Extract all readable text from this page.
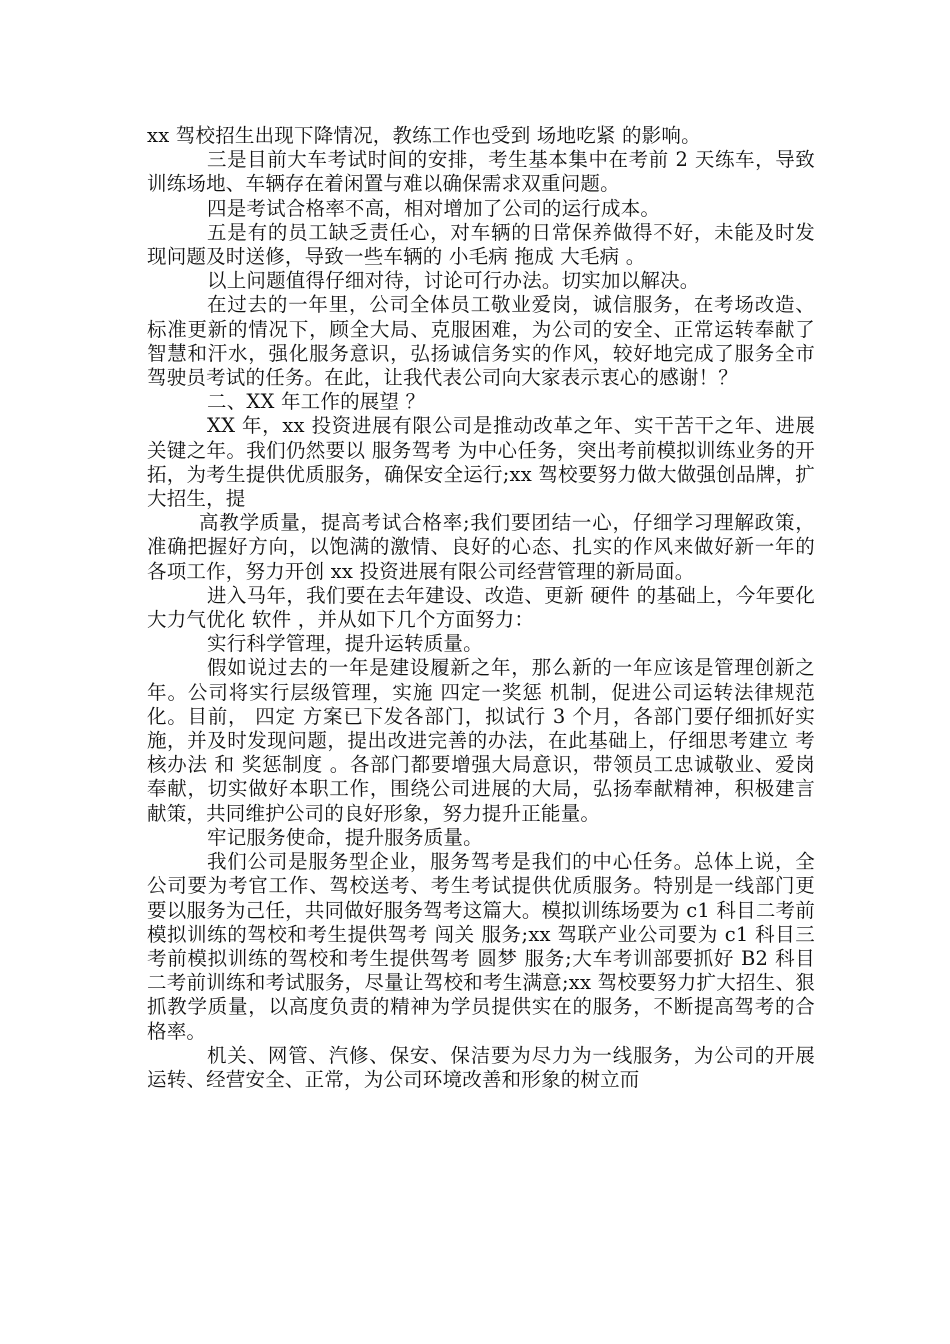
xx 驾校招生出现下降情况，教练工作也受到 场地吃紧 的影响。

三是目前大车考试时间的安排，考生基本集中在考前 2 天练车，导致训练场地、车辆存在着闲置与难以确保需求双重问题。

四是考试合格率不高，相对增加了公司的运行成本。

五是有的员工缺乏责任心，对车辆的日常保养做得不好，未能及时发现问题及时送修，导致一些车辆的 小毛病 拖成 大毛病 。

以上问题值得仔细对待，讨论可行办法。切实加以解决。

在过去的一年里，公司全体员工敬业爱岗，诚信服务，在考场改造、标准更新的情况下，顾全大局、克服困难，为公司的安全、正常运转奉献了智慧和汗水，强化服务意识，弘扬诚信务实的作风，较好地完成了服务全市驾驶员考试的任务。在此，让我代表公司向大家表示衷心的感谢！？

二、XX 年工作的展望 ？

XX 年，xx 投资进展有限公司是推动改革之年、实干苦干之年、进展关键之年。我们仍然要以 服务驾考 为中心任务，突出考前模拟训练业务的开拓，为考生提供优质服务，确保安全运行;xx 驾校要努力做大做强创品牌，扩大招生，提

高教学质量，提高考试合格率;我们要团结一心，仔细学习理解政策，准确把握好方向，以饱满的激情、良好的心态、扎实的作风来做好新一年的各项工作，努力开创 xx 投资进展有限公司经营管理的新局面。

进入马年，我们要在去年建设、改造、更新 硬件 的基础上，今年要化大力气优化 软件 ，并从如下几个方面努力：

实行科学管理，提升运转质量。

假如说过去的一年是建设履新之年，那么新的一年应该是管理创新之年。公司将实行层级管理，实施 四定一奖惩 机制，促进公司运转法律规范化。目前， 四定 方案已下发各部门，拟试行 3 个月，各部门要仔细抓好实施，并及时发现问题，提出改进完善的办法，在此基础上，仔细思考建立 考核办法 和 奖惩制度 。各部门都要增强大局意识，带领员工忠诚敬业、爱岗奉献，切实做好本职工作，围绕公司进展的大局，弘扬奉献精神，积极建言献策，共同维护公司的良好形象，努力提升正能量。

牢记服务使命，提升服务质量。

我们公司是服务型企业，服务驾考是我们的中心任务。总体上说，全公司要为考官工作、驾校送考、考生考试提供优质服务。特别是一线部门更要以服务为己任，共同做好服务驾考这篇大。模拟训练场要为 c1 科目二考前模拟训练的驾校和考生提供驾考 闯关 服务;xx 驾联产业公司要为 c1 科目三考前模拟训练的驾校和考生提供驾考 圆梦 服务;大车考训部要抓好 B2 科目二考前训练和考试服务，尽量让驾校和考生满意;xx 驾校要努力扩大招生、狠抓教学质量，以高度负责的精神为学员提供实在的服务，不断提高驾考的合格率。

机关、网管、汽修、保安、保洁要为尽力为一线服务，为公司的开展运转、经营安全、正常，为公司环境改善和形象的树立而
